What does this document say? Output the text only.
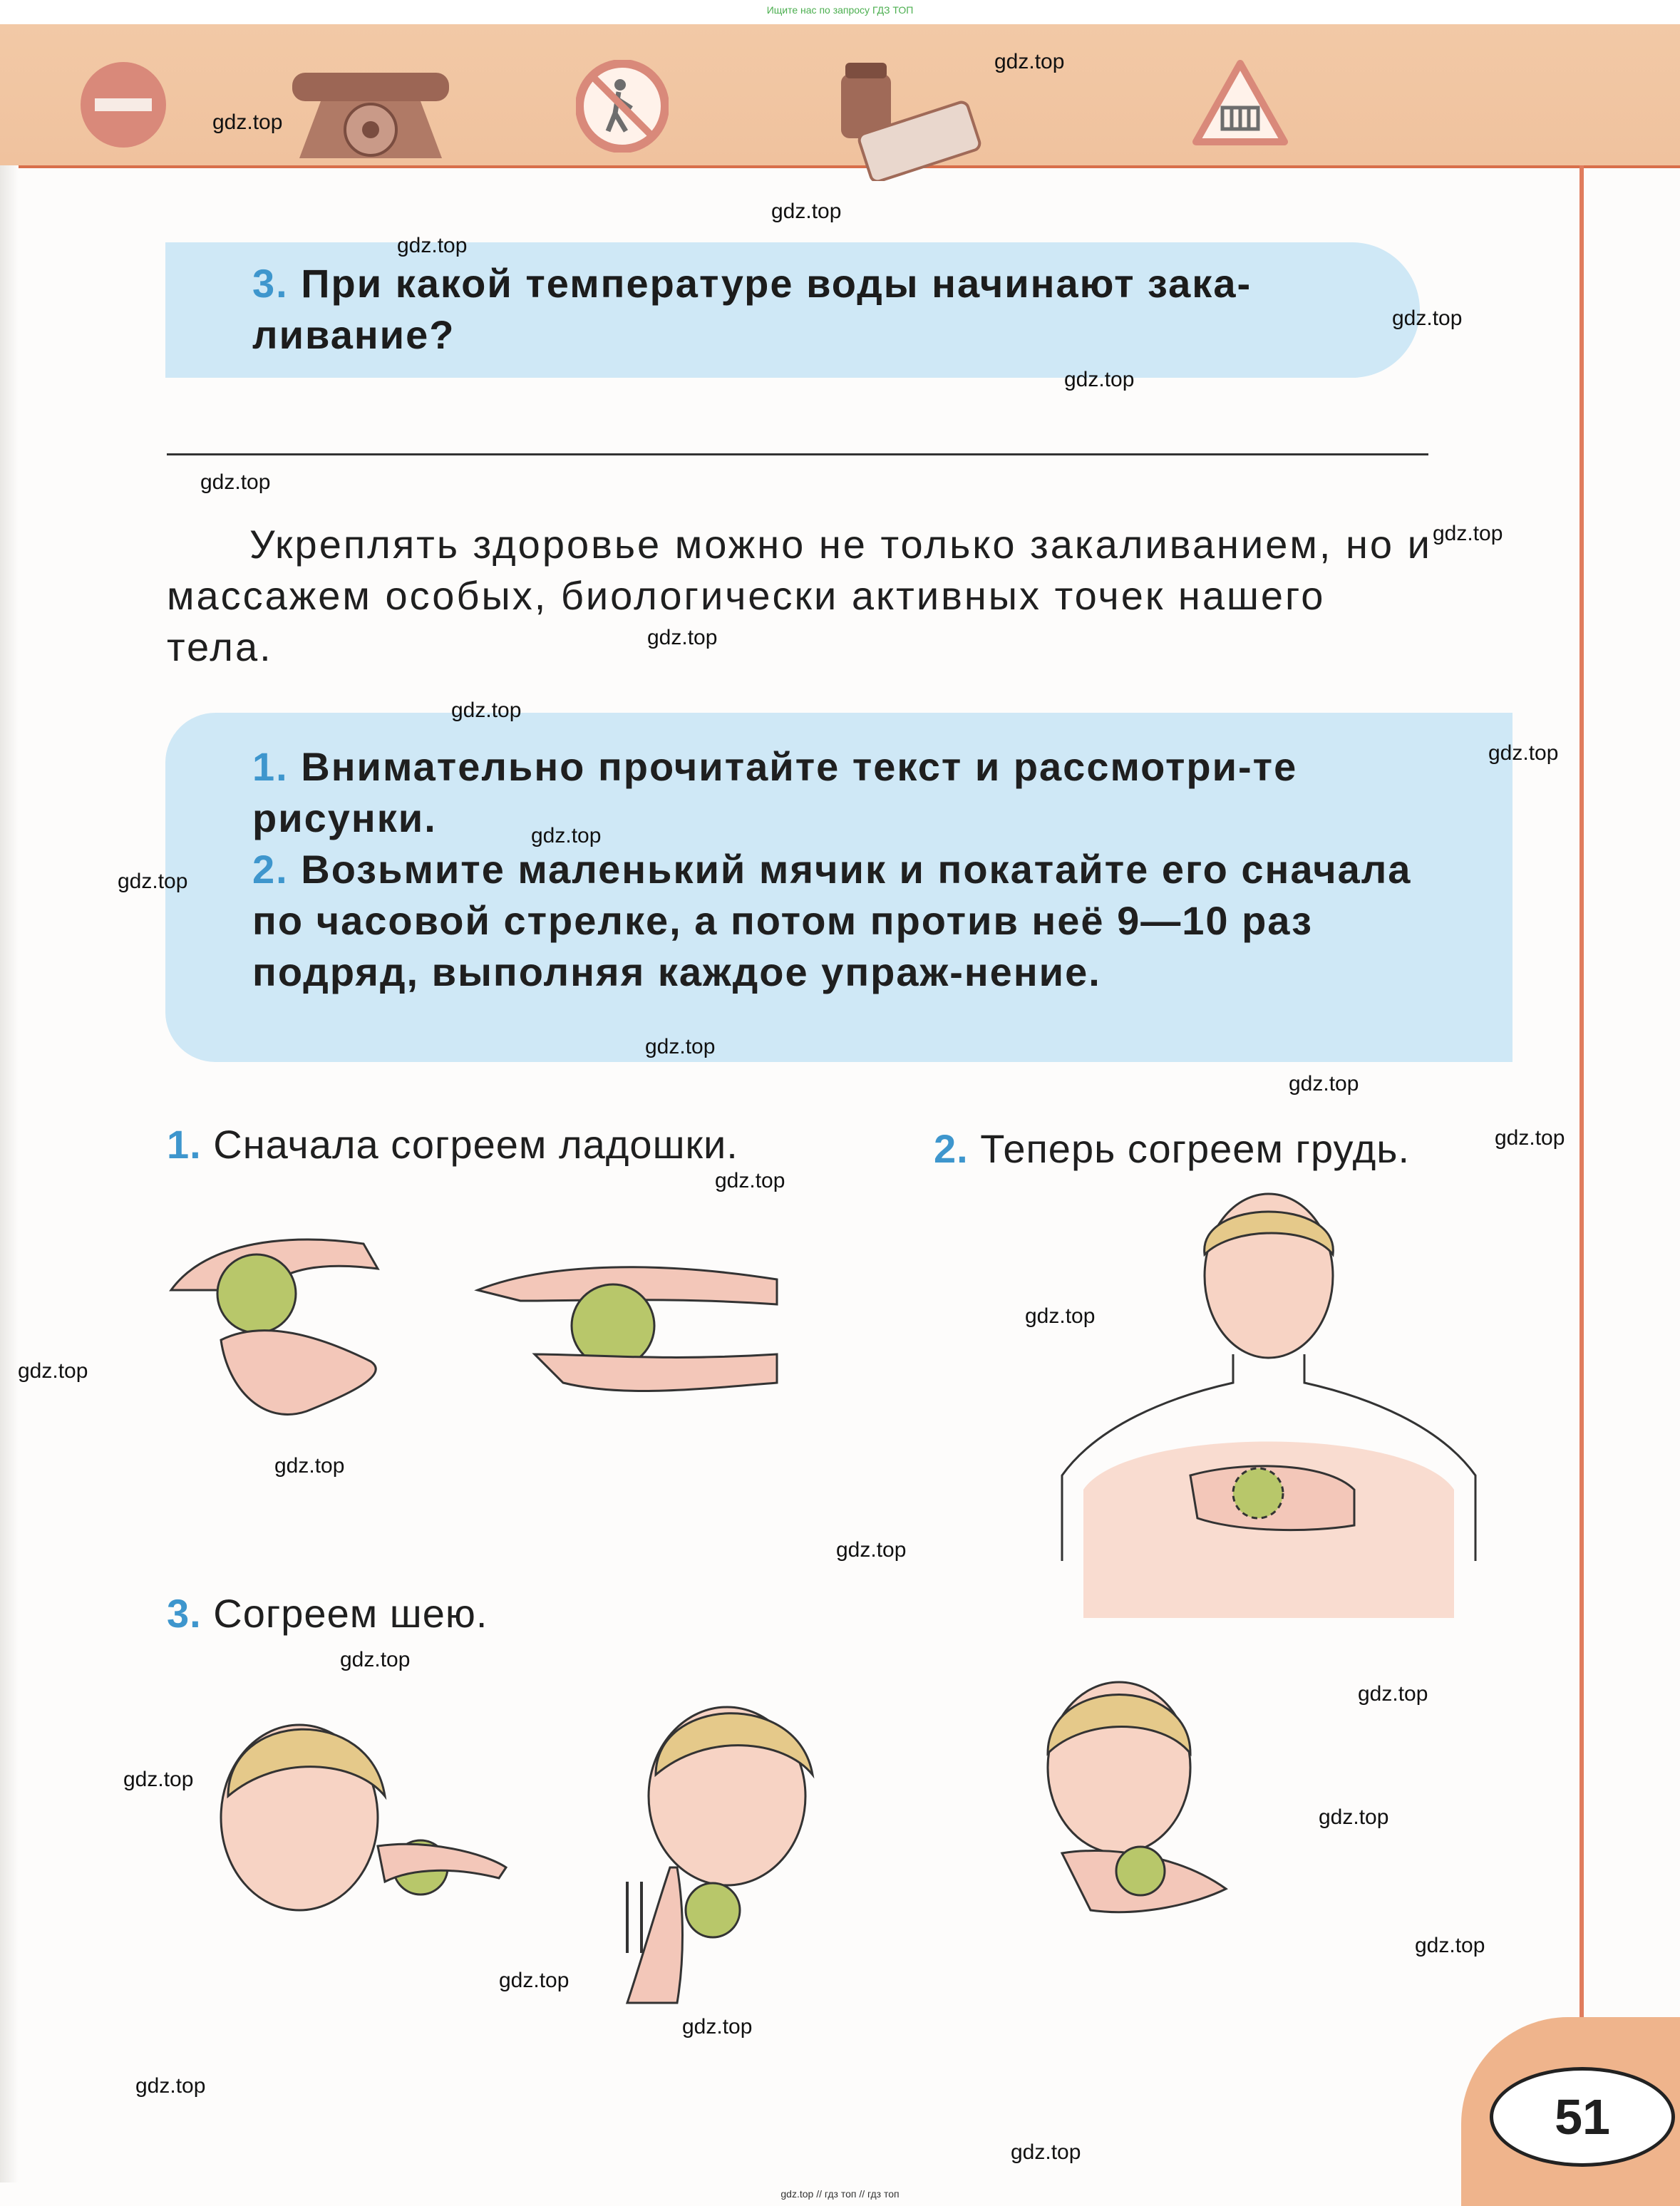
Ищите нас по запросу ГДЗ ТОП
3. При какой температуре воды начинают зака-ливание?
Укреплять здоровье можно не только закаливанием, но и массажем особых, биологически активных точек нашего тела.
1. Внимательно прочитайте текст и рассмотри-те рисунки.
2. Возьмите маленький мячик и покатайте его сначала по часовой стрелке, а потом против неё 9—10 раз подряд, выполняя каждое упраж-нение.
1. Сначала согреем ладошки.	2. Теперь согреем грудь.
3. Согреем шею.
gdz.top
gdz.top
gdz.top
gdz.top
gdz.top
gdz.top
gdz.top
gdz.top
gdz.top
gdz.top
gdz.top
gdz.top
gdz.top
gdz.top
gdz.top
gdz.top
gdz.top
gdz.top
gdz.top
gdz.top
gdz.top
gdz.top
gdz.top
gdz.top
gdz.top
gdz.top
gdz.top
gdz.top
gdz.top
gdz.top
51
gdz.top // гдз топ // гдз топ
